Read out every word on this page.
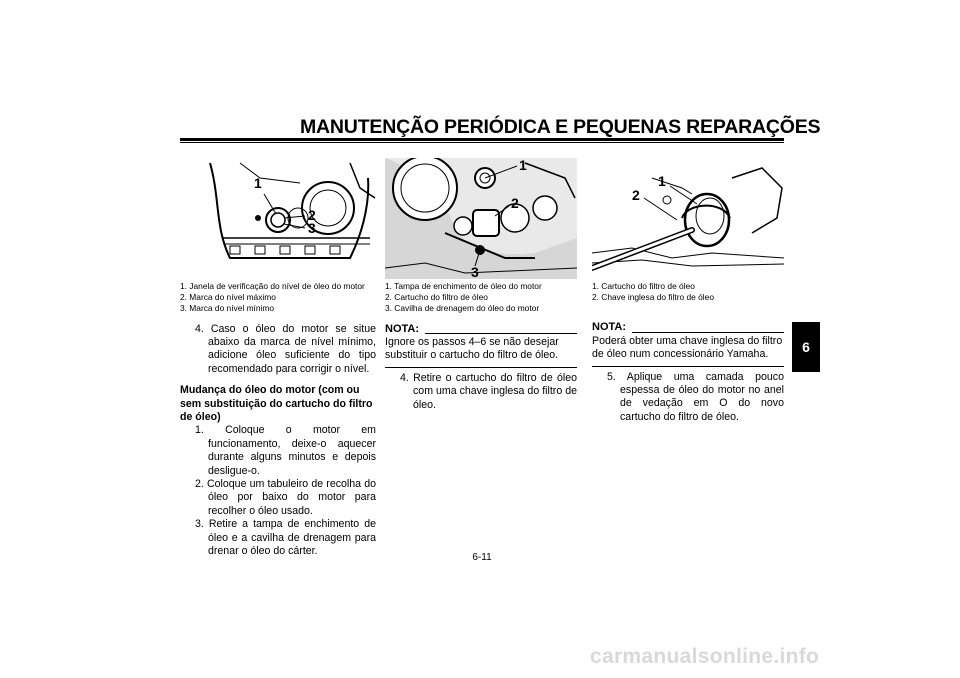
MANUTENÇÃO PERIÓDICA E PEQUENAS REPARAÇÕES
6
1
2
3
1
2
3
1
2
1. Janela de verificação do nível de óleo do motor
2. Marca do nível máximo
3. Marca do nível mínimo
4. Caso o óleo do motor se situe abaixo da marca de nível mínimo, adicione óleo suficiente do tipo recomendado para corrigir o nível.
Mudança do óleo do motor (com ou sem substituição do cartucho do filtro de óleo)
1. Coloque o motor em funcionamento, deixe-o aquecer durante alguns minutos e depois desligue-o.
2. Coloque um tabuleiro de recolha do óleo por baixo do motor para recolher o óleo usado.
3. Retire a tampa de enchimento de óleo e a cavilha de drenagem para drenar o óleo do cárter.
1. Tampa de enchimento de óleo do motor
2. Cartucho do filtro de óleo
3. Cavilha de drenagem do óleo do motor
NOTA:
Ignore os passos 4–6 se não desejar substituir o cartucho do filtro de óleo.
4. Retire o cartucho do filtro de óleo com uma chave inglesa do filtro de óleo.
1. Cartucho do filtro de óleo
2. Chave inglesa do filtro de óleo
NOTA:
Poderá obter uma chave inglesa do filtro de óleo num concessionário Yamaha.
5. Aplique uma camada pouco espessa de óleo do motor no anel de vedação em O do novo cartucho do filtro de óleo.
6-11
carmanualsonline.info
